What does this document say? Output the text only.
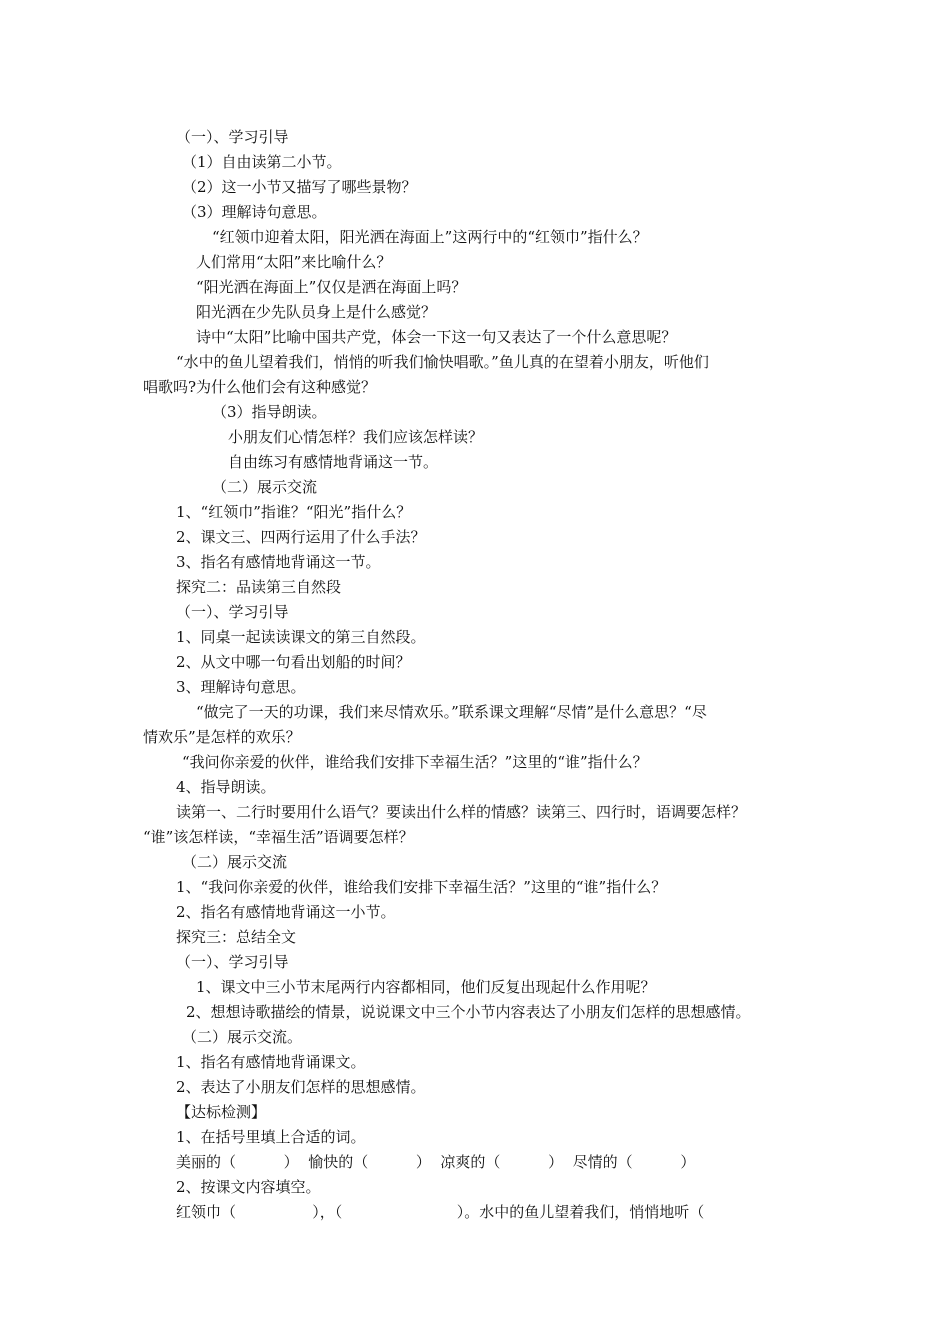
（一）、学习引导
（1）自由读第二小节。
（2）这一小节又描写了哪些景物？
（3）理解诗句意思。
“红领巾迎着太阳，阳光洒在海面上”这两行中的“红领巾”指什么？
人们常用“太阳”来比喻什么？
“阳光洒在海面上”仅仅是洒在海面上吗？
阳光洒在少先队员身上是什么感觉？
诗中“太阳”比喻中国共产党，体会一下这一句又表达了一个什么意思呢？
“水中的鱼儿望着我们，悄悄的听我们愉快唱歌。”鱼儿真的在望着小朋友，听他们
唱歌吗?为什么他们会有这种感觉？
（3）指导朗读。
小朋友们心情怎样？我们应该怎样读？
自由练习有感情地背诵这一节。
（二）展示交流
1、“红领巾”指谁？“阳光”指什么？
2、课文三、四两行运用了什么手法？
3、指名有感情地背诵这一节。
探究二：品读第三自然段
（一）、学习引导
1、同桌一起读读课文的第三自然段。
2、从文中哪一句看出划船的时间？
3、理解诗句意思。
“做完了一天的功课，我们来尽情欢乐。”联系课文理解“尽情”是什么意思？“尽
情欢乐”是怎样的欢乐？
“我问你亲爱的伙伴，谁给我们安排下幸福生活？”这里的“谁”指什么？
4、指导朗读。
读第一、二行时要用什么语气？要读出什么样的情感？读第三、四行时，语调要怎样？
“谁”该怎样读，“幸福生活”语调要怎样？
（二）展示交流
1、“我问你亲爱的伙伴，谁给我们安排下幸福生活？”这里的“谁”指什么？
2、指名有感情地背诵这一小节。
探究三：总结全文
（一）、学习引导
1、课文中三小节末尾两行内容都相同，他们反复出现起什么作用呢？
2、想想诗歌描绘的情景，说说课文中三个小节内容表达了小朋友们怎样的思想感情。
（二）展示交流。
1、指名有感情地背诵课文。
2、表达了小朋友们怎样的思想感情。
【达标检测】
1、在括号里填上合适的词。
美丽的（          ）  愉快的（          ）  凉爽的（          ）  尽情的（          ）
2、按课文内容填空。
红领巾（                ），（                        ）。水中的鱼儿望着我们，悄悄地听（
